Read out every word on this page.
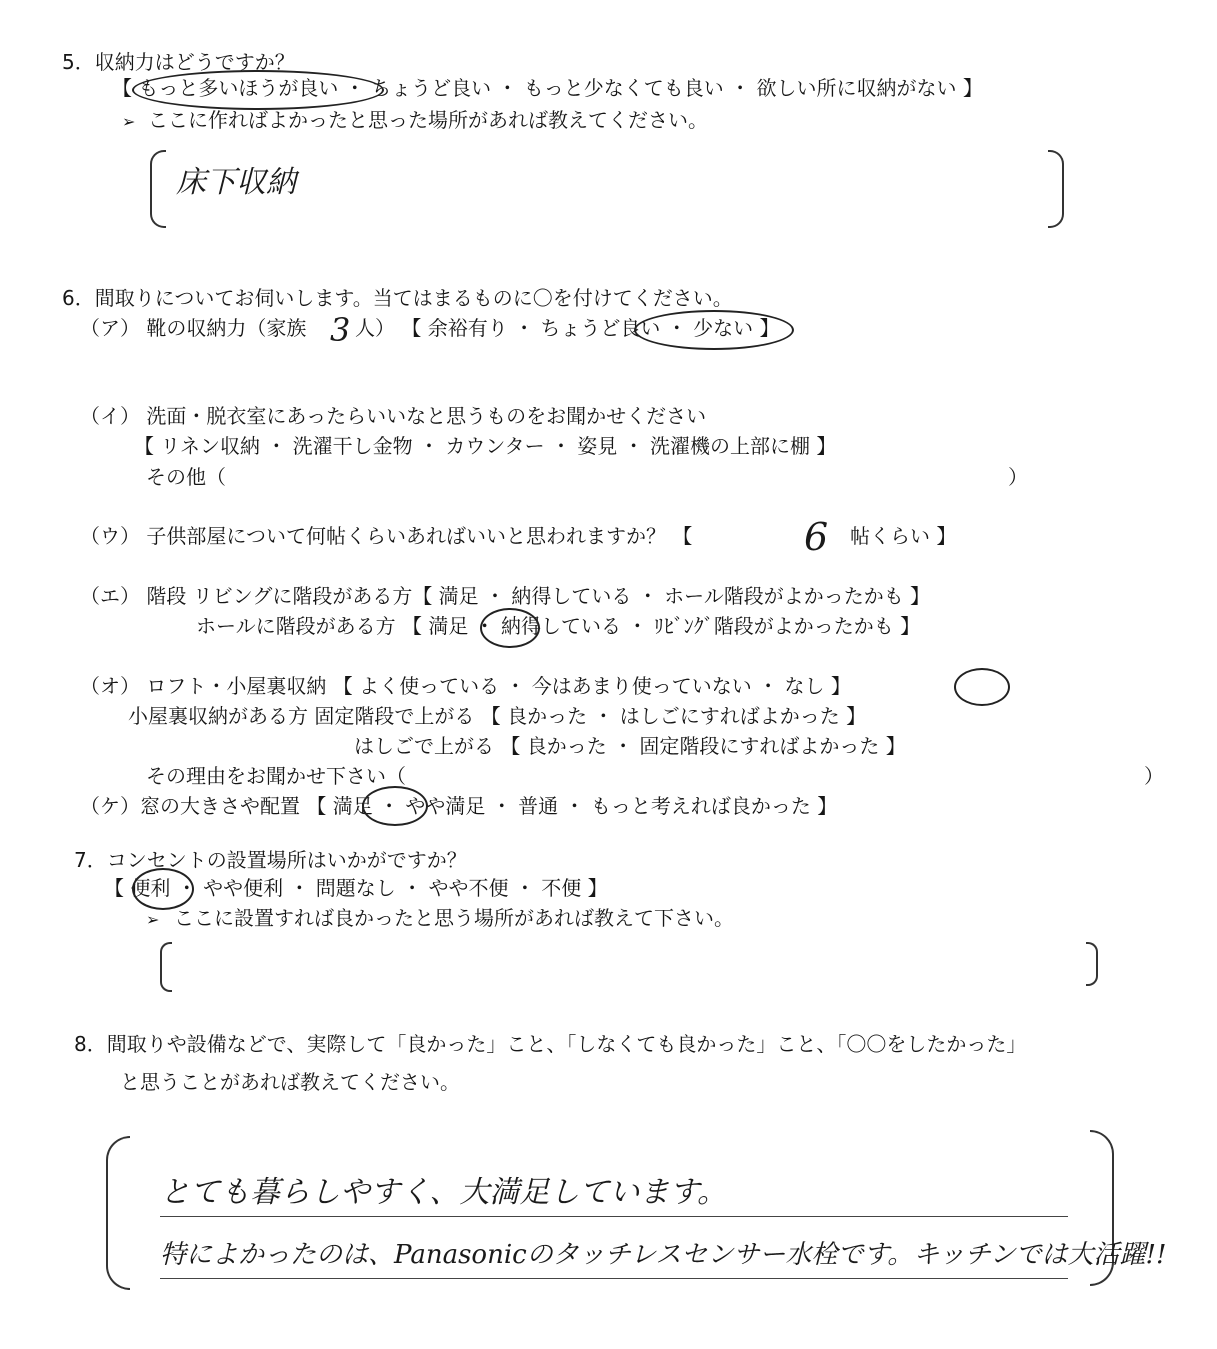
5．収納力はどうですか？
【 もっと多いほうが良い ・ ちょうど良い ・ もっと少なくても良い ・ 欲しい所に収納がない 】
➢ ここに作ればよかったと思った場所があれば教えてください。
床下収納
6．間取りについてお伺いします。当てはまるものに〇を付けてください。
（ア） 靴の収納力（家族 3 人） 【 余裕有り ・ ちょうど良い ・ 少ない 】
（イ） 洗面・脱衣室にあったらいいなと思うものをお聞かせください
【 リネン収納 ・ 洗濯干し金物 ・ カウンター ・ 姿見 ・ 洗濯機の上部に棚 】
その他（	）
（ウ） 子供部屋について何帖くらいあればいいと思われますか？ 【	6 帖くらい 】
（エ） 階段 リビングに階段がある方【 満足 ・ 納得している ・ ホール階段がよかったかも 】
ホールに階段がある方 【 満足 ・ 納得している ・ ﾘﾋﾞﾝｸﾞ階段がよかったかも 】
（オ） ロフト・小屋裏収納 【 よく使っている ・ 今はあまり使っていない ・ なし 】
小屋裏収納がある方 固定階段で上がる 【 良かった ・ はしごにすればよかった 】
はしごで上がる 【 良かった ・ 固定階段にすればよかった 】
その理由をお聞かせ下さい（	）
（ケ）窓の大きさや配置 【 満足 ・ やや満足 ・ 普通 ・ もっと考えれば良かった 】
7．コンセントの設置場所はいかがですか？
【 便利 ・ やや便利 ・ 問題なし ・ やや不便 ・ 不便 】
➢ ここに設置すれば良かったと思う場所があれば教えて下さい。
8．間取りや設備などで、実際して「良かった」こと、「しなくても良かった」こと、「〇〇をしたかった」
と思うことがあれば教えてください。
とても暮らしやすく、大満足しています。
特によかったのは、Panasonicのタッチレスセンサー水栓です。キッチンでは大活躍!!
